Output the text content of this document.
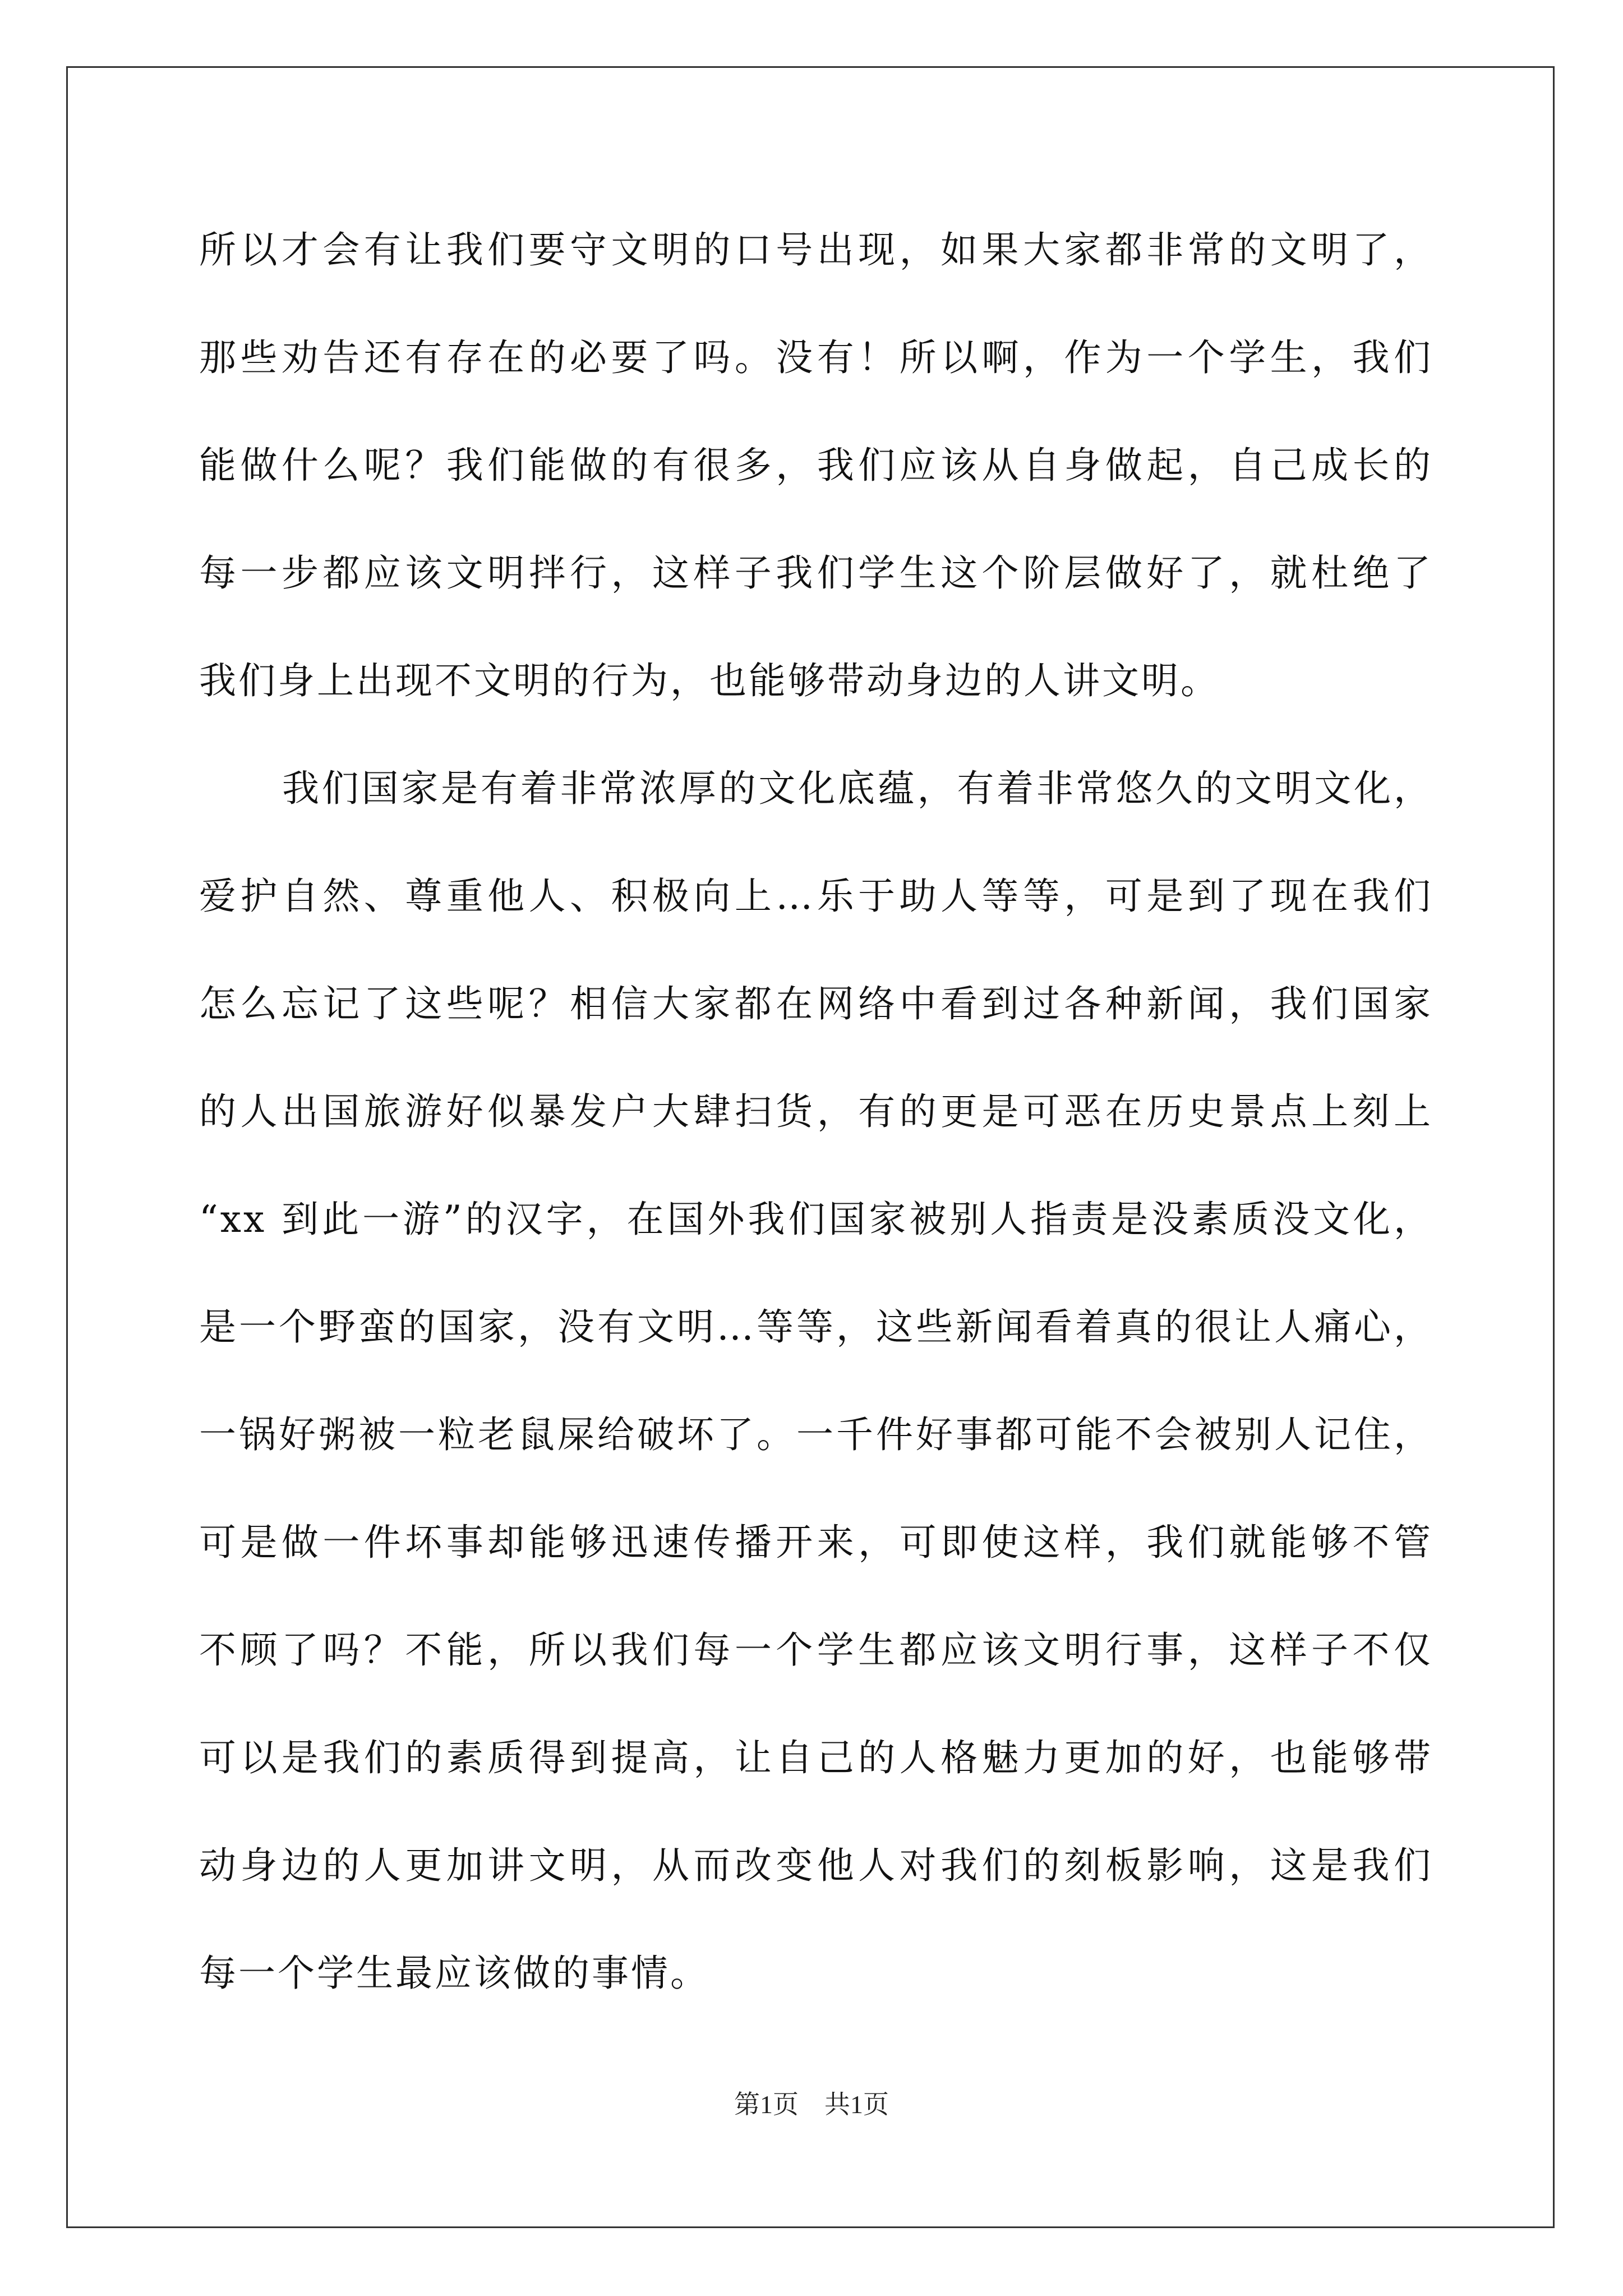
所以才会有让我们要守文明的口号出现，如果大家都非常的文明了，
那些劝告还有存在的必要了吗。没有！所以啊，作为一个学生，我们
能做什么呢？我们能做的有很多，我们应该从自身做起，自己成长的
每一步都应该文明拌行，这样子我们学生这个阶层做好了，就杜绝了
我们身上出现不文明的行为，也能够带动身边的人讲文明。
我们国家是有着非常浓厚的文化底蕴，有着非常悠久的文明文化，
爱护自然、尊重他人、积极向上…乐于助人等等，可是到了现在我们
怎么忘记了这些呢？相信大家都在网络中看到过各种新闻，我们国家
的人出国旅游好似暴发户大肆扫货，有的更是可恶在历史景点上刻上
“xx 到此一游”的汉字，在国外我们国家被别人指责是没素质没文化，
是一个野蛮的国家，没有文明…等等，这些新闻看着真的很让人痛心，
一锅好粥被一粒老鼠屎给破坏了。一千件好事都可能不会被别人记住，
可是做一件坏事却能够迅速传播开来，可即使这样，我们就能够不管
不顾了吗？不能，所以我们每一个学生都应该文明行事，这样子不仅
可以是我们的素质得到提高，让自己的人格魅力更加的好，也能够带
动身边的人更加讲文明，从而改变他人对我们的刻板影响，这是我们
每一个学生最应该做的事情。
第1页　共1页
